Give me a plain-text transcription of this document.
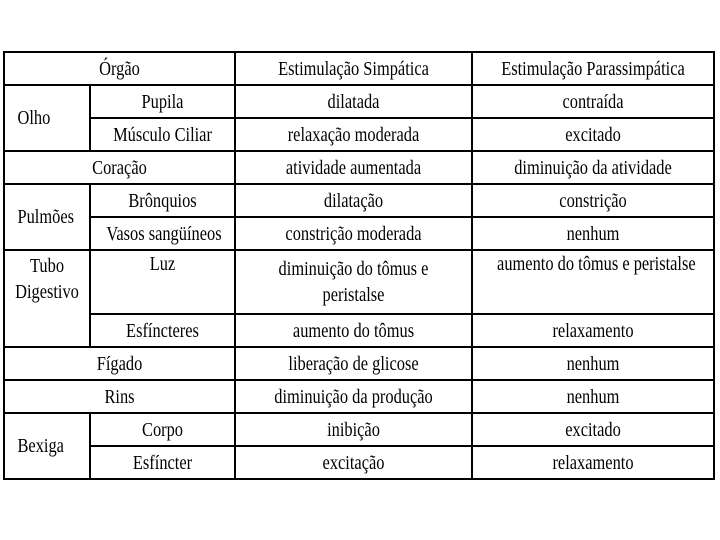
Órgão		Estimulação Simpática	Estimulação Parassimpática
Olho	Pupila	dilatada	contraída
	Músculo Ciliar	relaxação moderada	excitado
Coração		atividade aumentada	diminuição da atividade
Pulmões	Brônquios	dilatação	constrição
	Vasos sangüíneos	constrição moderada	nenhum
Tubo Digestivo	Luz	diminuição do tômus e peristalse	aumento do tômus e peristalse
	Esfíncteres	aumento do tômus	relaxamento
Fígado		liberação de glicose	nenhum
Rins		diminuição da produção	nenhum
Bexiga	Corpo	inibição	excitado
	Esfíncter	excitação	relaxamento
